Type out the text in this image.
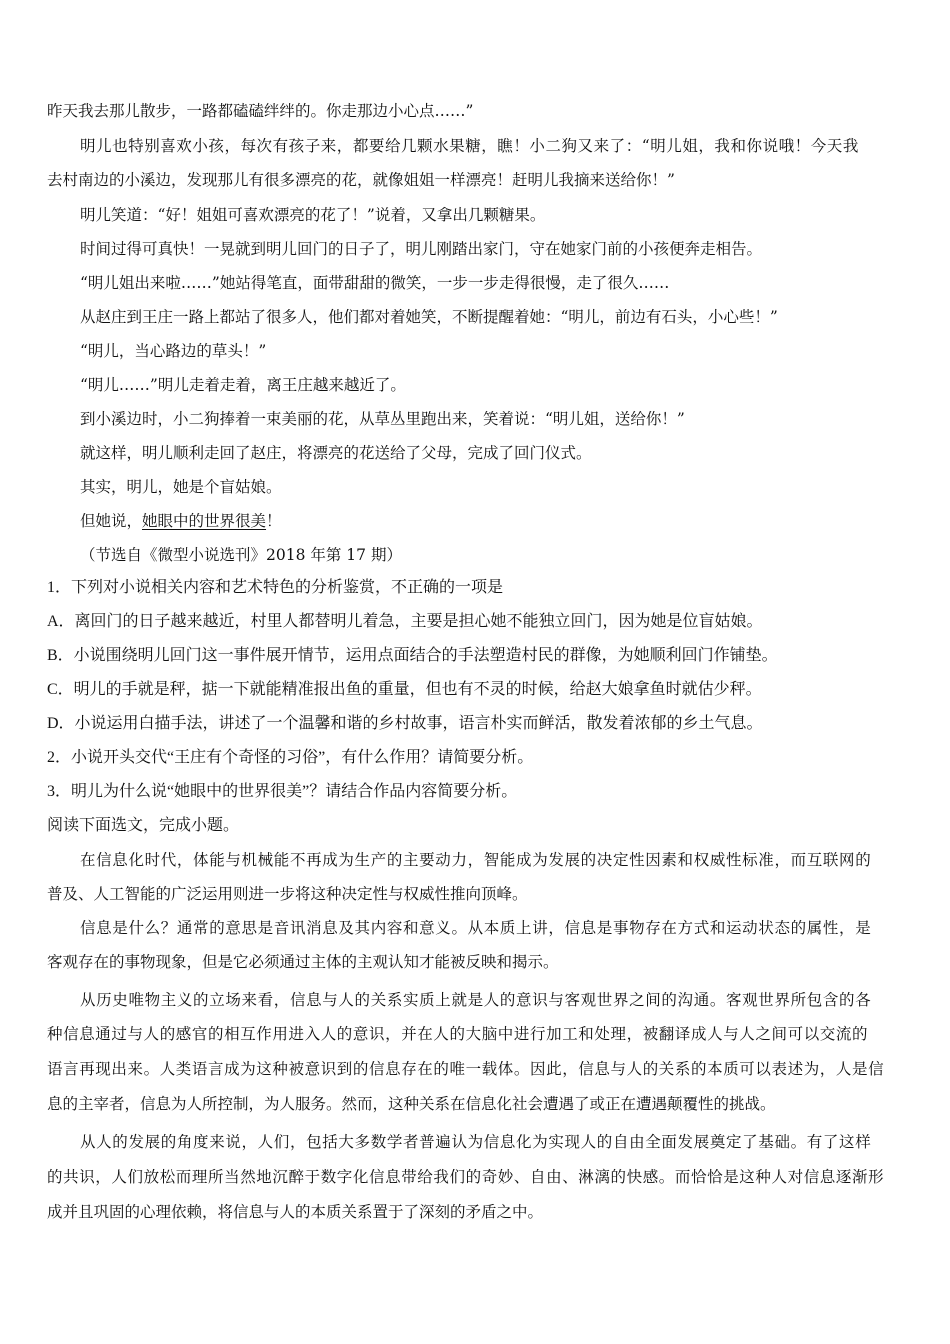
昨天我去那儿散步，一路都磕磕绊绊的。你走那边小心点……”
明儿也特别喜欢小孩，每次有孩子来，都要给几颗水果糖，瞧！小二狗又来了：“明儿姐，我和你说哦！今天我
去村南边的小溪边，发现那儿有很多漂亮的花，就像姐姐一样漂亮！赶明儿我摘来送给你！”
明儿笑道：“好！姐姐可喜欢漂亮的花了！”说着，又拿出几颗糖果。
时间过得可真快！一晃就到明儿回门的日子了，明儿刚踏出家门，守在她家门前的小孩便奔走相告。
“明儿姐出来啦……”她站得笔直，面带甜甜的微笑，一步一步走得很慢，走了很久……
从赵庄到王庄一路上都站了很多人，他们都对着她笑，不断提醒着她：“明儿，前边有石头，小心些！”
“明儿，当心路边的草头！”
“明儿……”明儿走着走着，离王庄越来越近了。
到小溪边时，小二狗捧着一束美丽的花，从草丛里跑出来，笑着说：“明儿姐，送给你！”
就这样，明儿顺利走回了赵庄，将漂亮的花送给了父母，完成了回门仪式。
其实，明儿，她是个盲姑娘。
但她说，她眼中的世界很美！
（节选自《微型小说选刊》2018 年第 17 期）
1．下列对小说相关内容和艺术特色的分析鉴赏，不正确的一项是
A．离回门的日子越来越近，村里人都替明儿着急，主要是担心她不能独立回门，因为她是位盲姑娘。
B．小说围绕明儿回门这一事件展开情节，运用点面结合的手法塑造村民的群像，为她顺利回门作铺垫。
C．明儿的手就是秤，掂一下就能精准报出鱼的重量，但也有不灵的时候，给赵大娘拿鱼时就估少秤。
D．小说运用白描手法，讲述了一个温馨和谐的乡村故事，语言朴实而鲜活，散发着浓郁的乡土气息。
2．小说开头交代“王庄有个奇怪的习俗”，有什么作用？请简要分析。
3．明儿为什么说“她眼中的世界很美”？请结合作品内容简要分析。
阅读下面选文，完成小题。
在信息化时代，体能与机械能不再成为生产的主要动力，智能成为发展的决定性因素和权威性标准，而互联网的
普及、人工智能的广泛运用则进一步将这种决定性与权威性推向顶峰。
信息是什么？通常的意思是音讯消息及其内容和意义。从本质上讲，信息是事物存在方式和运动状态的属性，是
客观存在的事物现象，但是它必须通过主体的主观认知才能被反映和揭示。
从历史唯物主义的立场来看，信息与人的关系实质上就是人的意识与客观世界之间的沟通。客观世界所包含的各
种信息通过与人的感官的相互作用进入人的意识，并在人的大脑中进行加工和处理，被翻译成人与人之间可以交流的
语言再现出来。人类语言成为这种被意识到的信息存在的唯一载体。因此，信息与人的关系的本质可以表述为，人是信
息的主宰者，信息为人所控制，为人服务。然而，这种关系在信息化社会遭遇了或正在遭遇颠覆性的挑战。
从人的发展的角度来说，人们，包括大多数学者普遍认为信息化为实现人的自由全面发展奠定了基础。有了这样
的共识，人们放松而理所当然地沉醉于数字化信息带给我们的奇妙、自由、淋漓的快感。而恰恰是这种人对信息逐渐形
成并且巩固的心理依赖，将信息与人的本质关系置于了深刻的矛盾之中。
